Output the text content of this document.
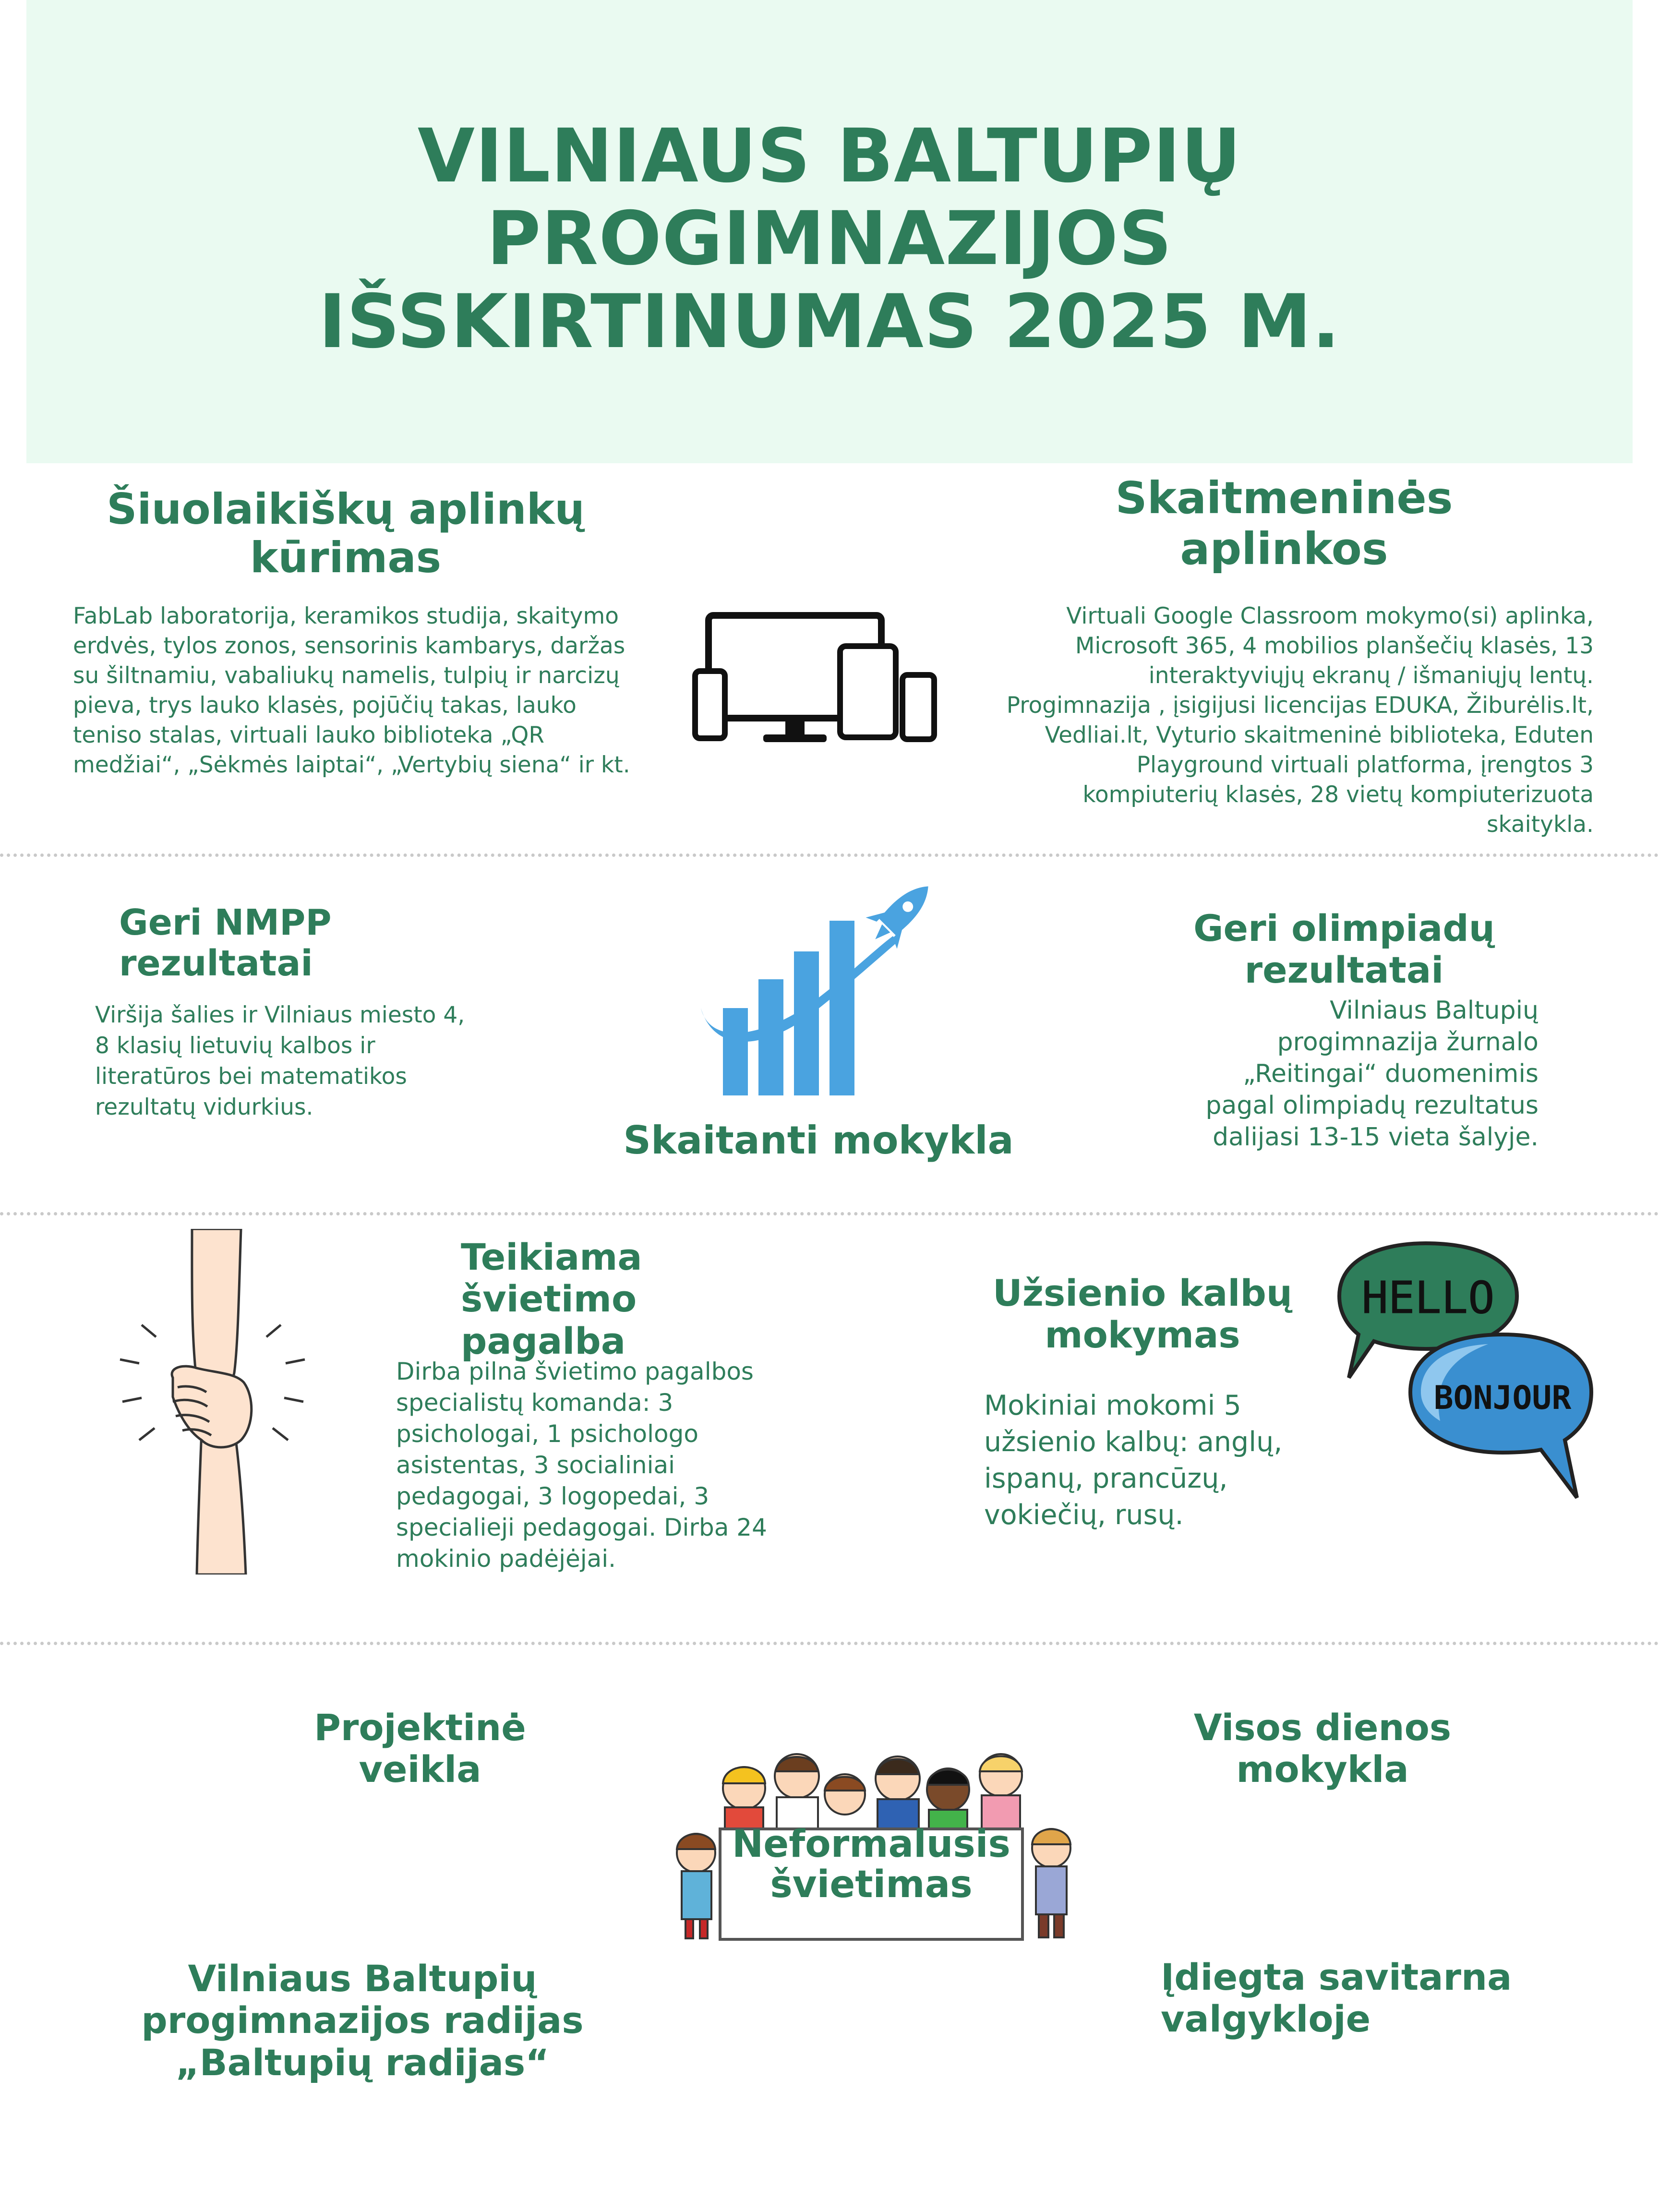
VILNIAUS BALTUPIŲ
PROGIMNAZIJOS
IŠSKIRTINUMAS 2025 M.
Šiuolaikiškų aplinkų
kūrimas
FabLab laboratorija, keramikos studija, skaitymo
erdvės, tylos zonos, sensorinis kambarys, daržas
su šiltnamiu, vabaliukų namelis, tulpių ir narcizų
pieva, trys lauko klasės, pojūčių takas, lauko
teniso stalas, virtuali lauko biblioteka „QR
medžiai“, „Sėkmės laiptai“, „Vertybių siena“ ir kt.
Skaitmeninės
aplinkos
Virtuali Google Classroom mokymo(si) aplinka,
Microsoft 365, 4 mobilios planšečių klasės, 13
interaktyviųjų ekranų / išmaniųjų lentų.
Progimnazija , įsigijusi licencijas EDUKA, Žiburėlis.lt,
Vedliai.lt, Vyturio skaitmeninė biblioteka, Eduten
Playground virtuali platforma, įrengtos 3
kompiuterių klasės, 28 vietų kompiuterizuota
skaitykla.
Geri NMPP
rezultatai
Viršija šalies ir Vilniaus miesto 4,
8 klasių lietuvių kalbos ir
literatūros bei matematikos
rezultatų vidurkius.
Skaitanti mokykla
Geri olimpiadų
rezultatai
Vilniaus Baltupių
progimnazija žurnalo
„Reitingai“ duomenimis
pagal olimpiadų rezultatus
dalijasi 13-15 vieta šalyje.
Teikiama
švietimo
pagalba
Dirba pilna švietimo pagalbos
specialistų komanda: 3
psichologai, 1 psichologo
asistentas, 3 socialiniai
pedagogai, 3 logopedai, 3
specialieji pedagogai. Dirba 24
mokinio padėjėjai.
Užsienio kalbų
mokymas
Mokiniai mokomi 5
užsienio kalbų: anglų,
ispanų, prancūzų,
vokiečių, rusų.
HELLO
BONJOUR
Projektinė
veikla
Visos dienos
mokykla
Neformalusis
švietimas
Vilniaus Baltupių
progimnazijos radijas
„Baltupių radijas“
Įdiegta savitarna
valgykloje
